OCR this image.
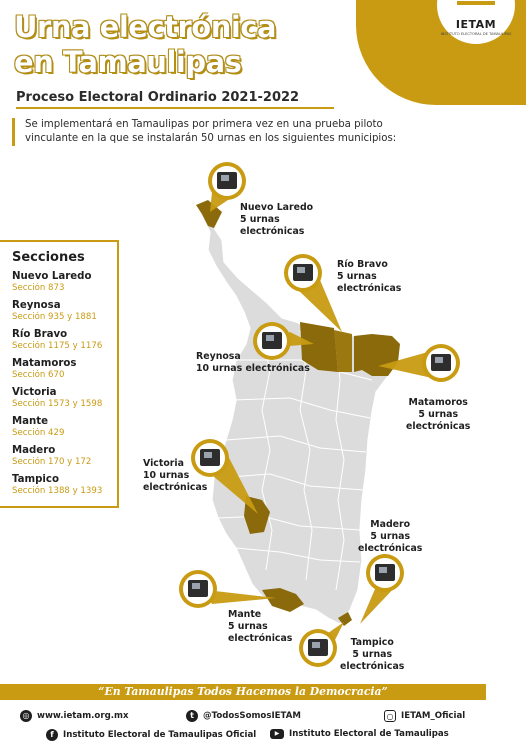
IETAM
INSTITUTO ELECTORAL DE TAMAULIPAS
Urna electrónica
en Tamaulipas
Proceso Electoral Ordinario 2021-2022
Se implementará en Tamaulipas por primera vez en una prueba piloto vinculante en la que se instalarán 50 urnas en los siguientes municipios:
Nuevo Laredo
5 urnas
electrónicas
Río Bravo
5 urnas
electrónicas
Reynosa
10 urnas electrónicas
Matamoros
5 urnas
electrónicas
Victoria
10 urnas
electrónicas
Madero
5 urnas
electrónicas
Mante
5 urnas
electrónicas	Tampico
5 urnas
electrónicas
Secciones
Nuevo Laredo
Sección 873
Reynosa
Sección 935 y 1881
Río Bravo
Sección 1175 y 1176
Matamoros
Sección 670
Victoria
Sección 1573 y 1598
Mante
Sección 429
Madero
Sección 170 y 172
Tampico
Sección 1388 y 1393
“En Tamaulipas Todos Hacemos la Democracia”
◎ www.ietam.org.mx	t	@TodosSomosIETAM	○ IETAM_Oficial
f	Instituto Electoral de Tamaulipas Oficial	▶	Instituto Electoral de Tamaulipas
